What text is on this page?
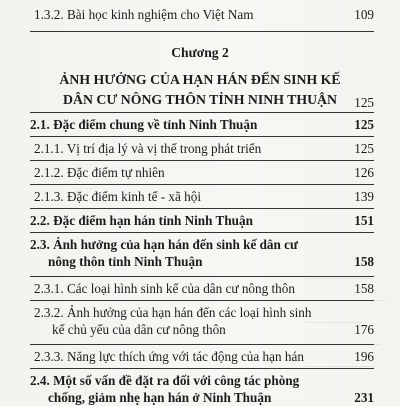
1.3.2. Bài học kinh nghiệm cho Việt Nam	109
Chương 2
ẢNH HƯỞNG CỦA HẠN HÁN ĐẾN SINH KẾ
DÂN CƯ NÔNG THÔN TỈNH NINH THUẬN	125
2.1. Đặc điểm chung về tỉnh Ninh Thuận	125
2.1.1. Vị trí địa lý và vị thế trong phát triển	125
2.1.2. Đặc điểm tự nhiên	126
2.1.3. Đặc điểm kinh tế - xã hội	139
2.2. Đặc điểm hạn hán tỉnh Ninh Thuận	151
2.3. Ảnh hưởng của hạn hán đến sinh kế dân cư
nông thôn tỉnh Ninh Thuận	158
2.3.1. Các loại hình sinh kế của dân cư nông thôn	158
2.3.2. Ảnh hưởng của hạn hán đến các loại hình sinh
kế chủ yếu của dân cư nông thôn	176
2.3.3. Năng lực thích ứng với tác động của hạn hán	196
2.4. Một số vấn đề đặt ra đối với công tác phòng
chống, giảm nhẹ hạn hán ở Ninh Thuận	231
